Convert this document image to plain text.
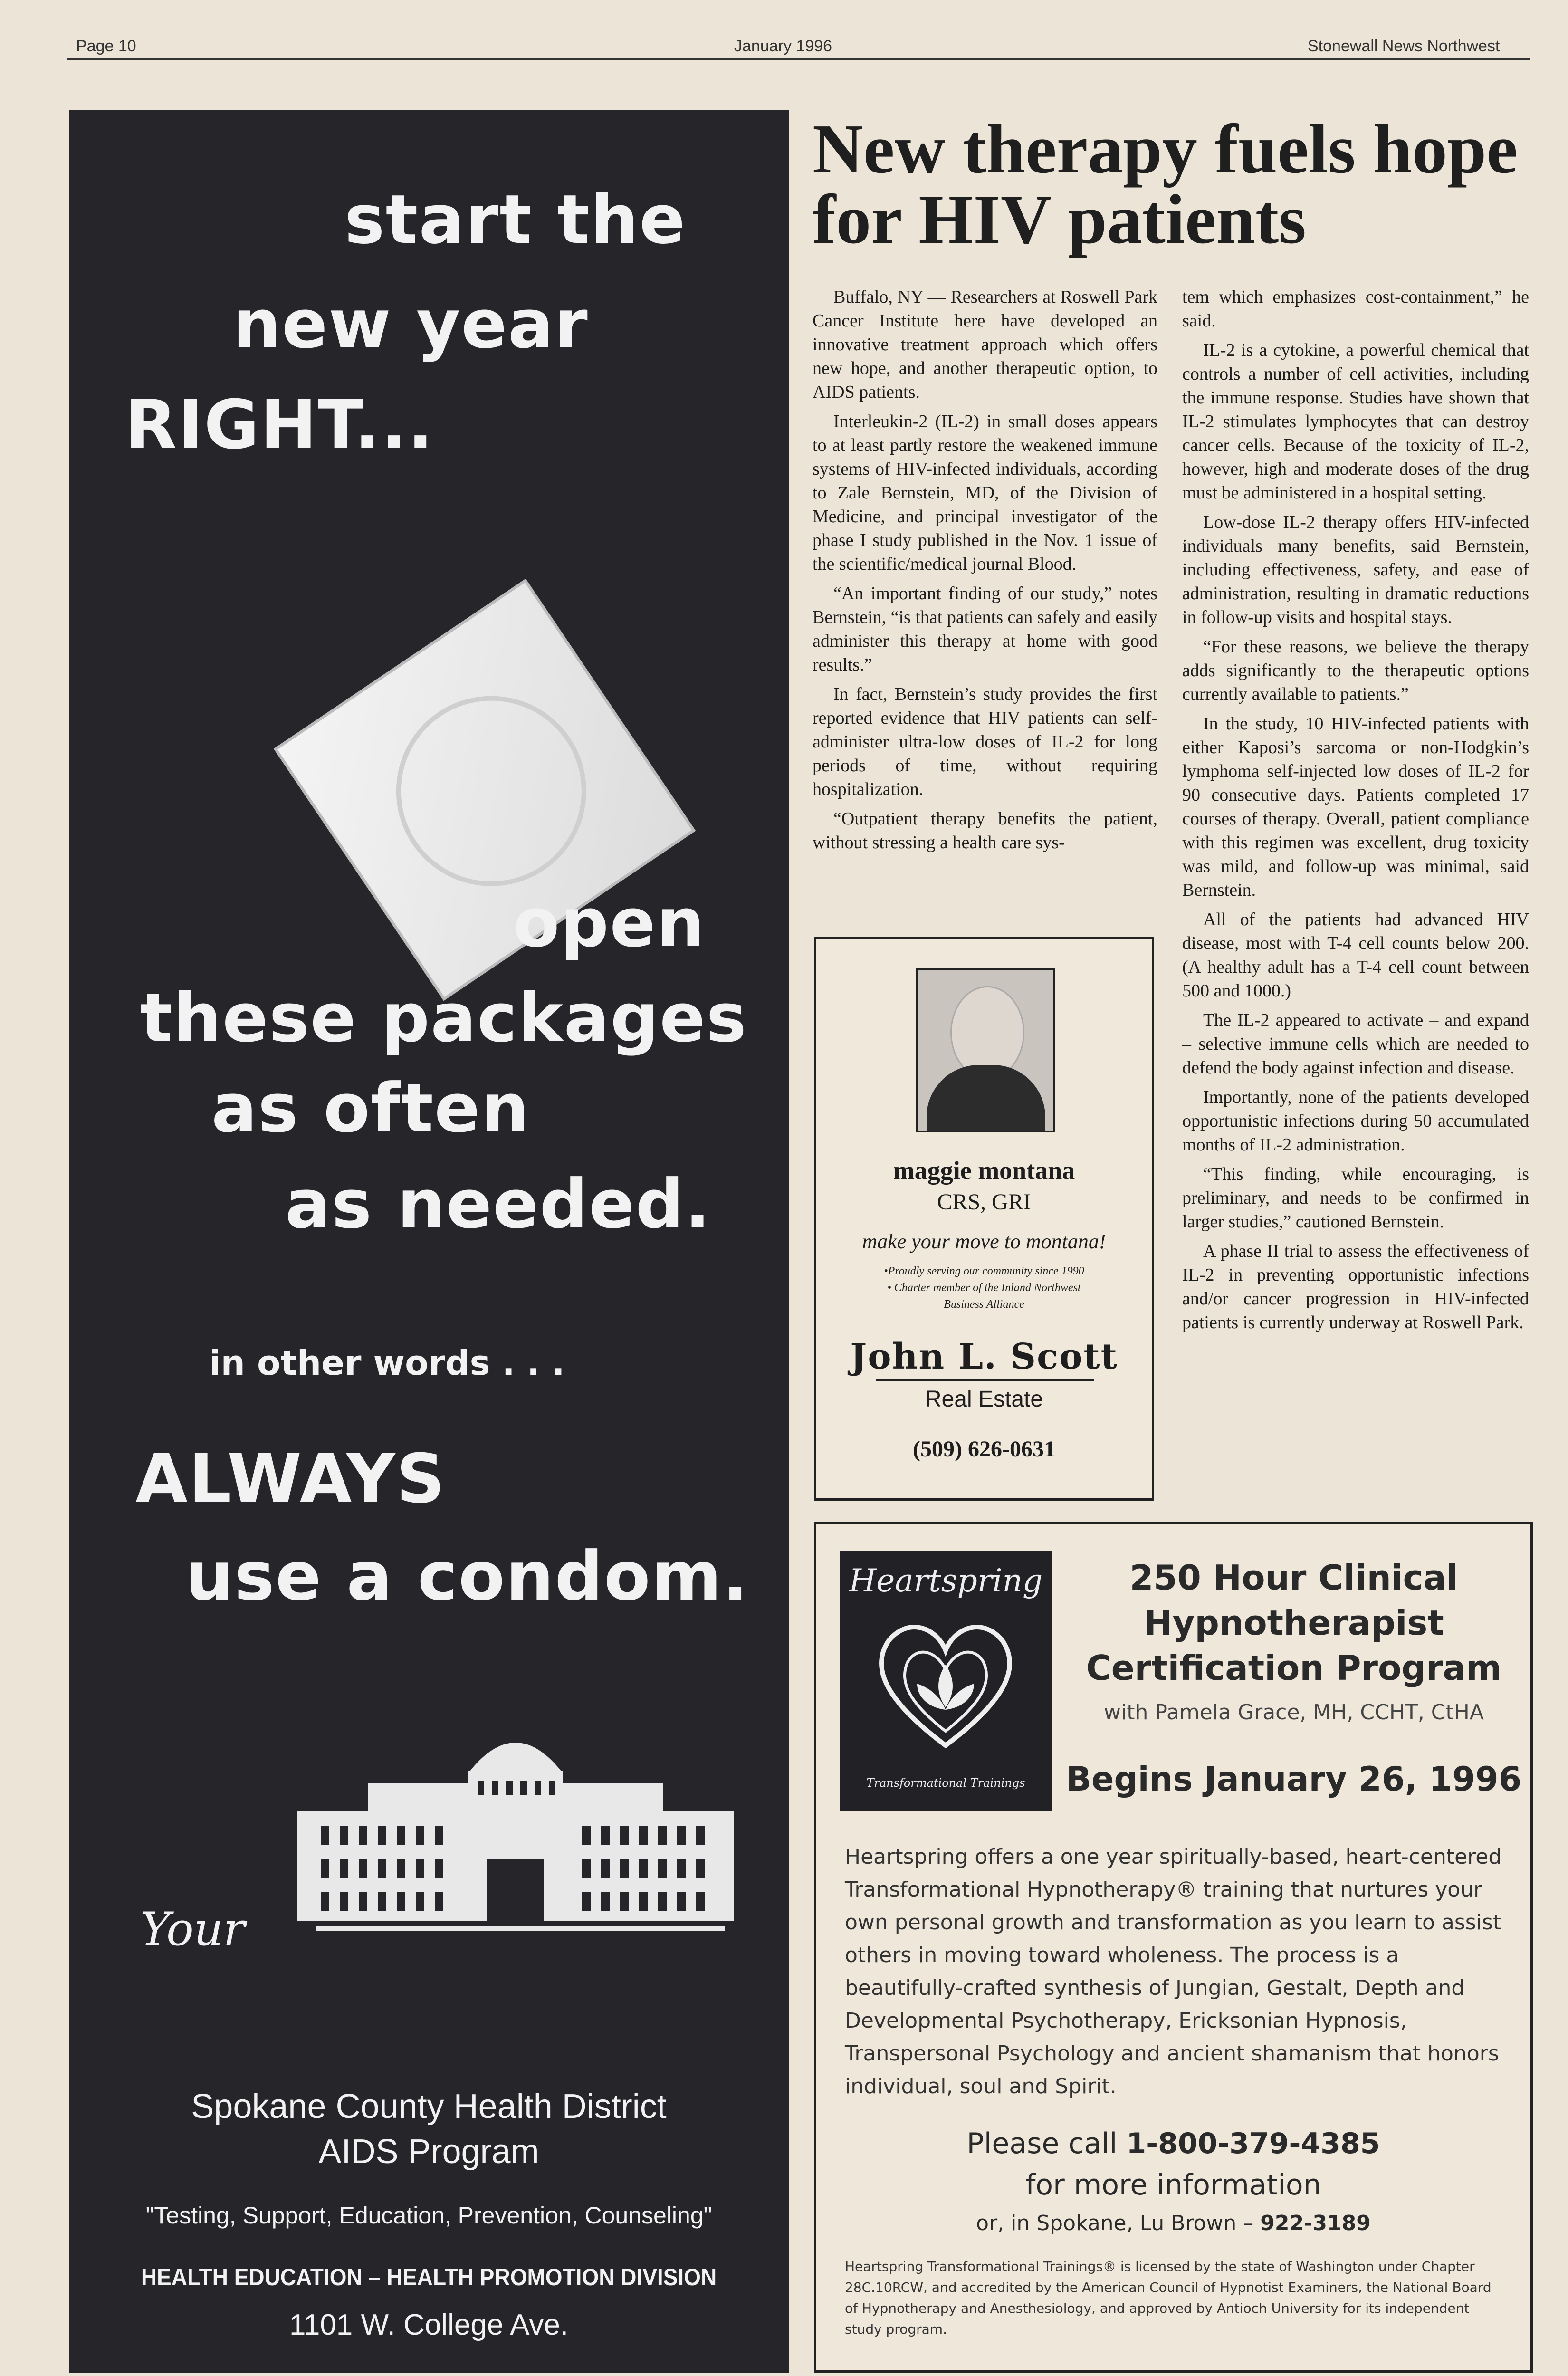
Page 10	January 1996	Stonewall News Northwest
start the
new year
RIGHT...
open
these packages
as often
as needed.
in other words . . .
ALWAYS
use a condom.
Your
Spokane County Health District
AIDS Program
"Testing, Support, Education, Prevention, Counseling"
HEALTH EDUCATION – HEALTH PROMOTION DIVISION
1101 W. College Ave.
New therapy fuels hope
for HIV patients

Buffalo, NY — Researchers at Roswell Park Cancer Institute here have developed an innovative treatment approach which offers new hope, and another therapeutic option, to AIDS patients.

Interleukin-2 (IL-2) in small doses appears to at least partly restore the weakened immune systems of HIV-infected individuals, according to Zale Bernstein, MD, of the Division of Medicine, and principal investigator of the phase I study published in the Nov. 1 issue of the scientific/medical journal Blood.

“An important finding of our study,” notes Bernstein, “is that patients can safely and easily administer this therapy at home with good results.”

In fact, Bernstein’s study provides the first reported evidence that HIV patients can self-administer ultra-low doses of IL-2 for long periods of time, without requiring hospitalization.

“Outpatient therapy benefits the patient, without stressing a health care sys-

tem which emphasizes cost-containment,” he said.

IL-2 is a cytokine, a powerful chemical that controls a number of cell activities, including the immune response. Studies have shown that IL-2 stimulates lymphocytes that can destroy cancer cells. Because of the toxicity of IL-2, however, high and moderate doses of the drug must be administered in a hospital setting.

Low-dose IL-2 therapy offers HIV-infected individuals many benefits, said Bernstein, including effectiveness, safety, and ease of administration, resulting in dramatic reductions in follow-up visits and hospital stays.

“For these reasons, we believe the therapy adds significantly to the therapeutic options currently available to patients.”

In the study, 10 HIV-infected patients with either Kaposi’s sarcoma or non-Hodgkin’s lymphoma self-injected low doses of IL-2 for 90 consecutive days. Patients completed 17 courses of therapy. Overall, patient compliance with this regimen was excellent, drug toxicity was mild, and follow-up was minimal, said Bernstein.

All of the patients had advanced HIV disease, most with T-4 cell counts below 200. (A healthy adult has a T-4 cell count between 500 and 1000.)

The IL-2 appeared to activate – and expand – selective immune cells which are needed to defend the body against infection and disease.

Importantly, none of the patients developed opportunistic infections during 50 accumulated months of IL-2 administration.

“This finding, while encouraging, is preliminary, and needs to be confirmed in larger studies,” cautioned Bernstein.

A phase II trial to assess the effectiveness of IL-2 in preventing opportunistic infections and/or cancer progression in HIV-infected patients is currently underway at Roswell Park.

maggie montana
CRS, GRI
make your move to montana!
•Proudly serving our community since 1990
• Charter member of the Inland Northwest
Business Alliance
John L. Scott
Real Estate
(509) 626-0631
Heartspring
Transformational Trainings
250 Hour Clinical
Hypnotherapist
Certification Program
with Pamela Grace, MH, CCHT, CtHA
Begins January 26, 1996
Heartspring offers a one year spiritually-based, heart-centered Transformational Hypnotherapy® training that nurtures your own personal growth and transformation as you learn to assist others in moving toward wholeness. The process is a beautifully-crafted synthesis of Jungian, Gestalt, Depth and Developmental Psychotherapy, Ericksonian Hypnosis, Transpersonal Psychology and ancient shamanism that honors individual, soul and Spirit.
Please call 1-800-379-4385
for more information
or, in Spokane, Lu Brown – 922-3189
Heartspring Transformational Trainings® is licensed by the state of Washington under Chapter 28C.10RCW, and accredited by the American Council of Hypnotist Examiners, the National Board of Hypnotherapy and Anesthesiology, and approved by Antioch University for its independent study program.
